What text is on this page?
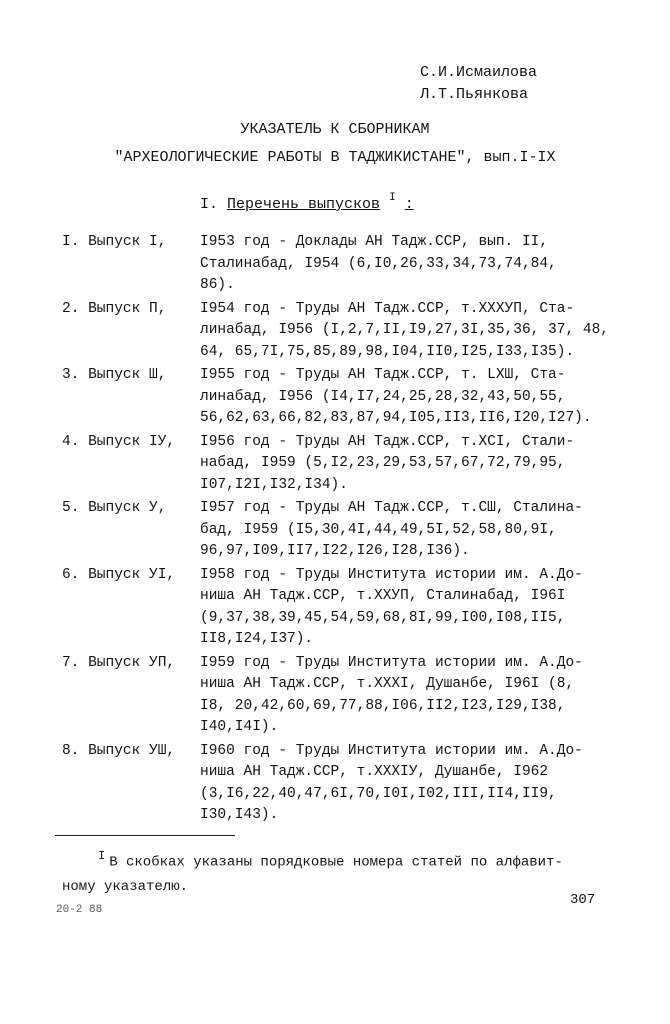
С.И.Исмаилова
Л.Т.Пьянкова
УКАЗАТЕЛЬ К СБОРНИКАМ
"АРХЕОЛОГИЧЕСКИЕ РАБОТЫ В ТАДЖИКИСТАНЕ", вып.I-IX
I. Перечень выпусков $^I$ :
I. Выпуск I,	I953 год - Доклады АН Тадж.ССР, вып. II,
Сталинабад, I954 (6,I0,26,33,34,73,74,84,
86).
2. Выпуск П,	I954 год - Труды АН Тадж.ССР, т.XXXУП, Ста-
линабад, I956 (I,2,7,II,I9,27,3I,35,36, 37, 48,
64, 65,7I,75,85,89,98,I04,II0,I25,I33,I35).
3. Выпуск Ш,	I955 год - Труды АН Тадж.ССР, т. LXШ, Ста-
линабад, I956 (I4,I7,24,25,28,32,43,50,55,
56,62,63,66,82,83,87,94,I05,II3,II6,I20,I27).
4. Выпуск IУ,	I956 год - Труды АН Тадж.ССР, т.XCI, Стали-
набад, I959 (5,I2,23,29,53,57,67,72,79,95,
I07,I2I,I32,I34).
5. Выпуск У,	I957 год - Труды АН Тадж.ССР, т.CШ, Сталина-
бад, I959 (I5,30,4I,44,49,5I,52,58,80,9I,
96,97,I09,II7,I22,I26,I28,I36).
6. Выпуск УI,	I958 год - Труды Института истории им. А.До-
ниша АН Тадж.ССР, т.XXУП, Сталинабад, I96I
(9,37,38,39,45,54,59,68,8I,99,I00,I08,II5,
II8,I24,I37).
7. Выпуск УП,	I959 год - Труды Института истории им. А.До-
ниша АН Тадж.ССР, т.XXXI, Душанбе, I96I (8,
I8, 20,42,60,69,77,88,I06,II2,I23,I29,I38,
I40,I4I).
8. Выпуск УШ,	I960 год - Труды Института истории им. А.До-
ниша АН Тадж.ССР, т.XXXIУ, Душанбе, I962
(3,I6,22,40,47,6I,70,I0I,I02,III,II4,II9,
I30,I43).
$^I$ В скобках указаны порядковые номера статей по алфавит-
ному указателю.
20-2 88
307
